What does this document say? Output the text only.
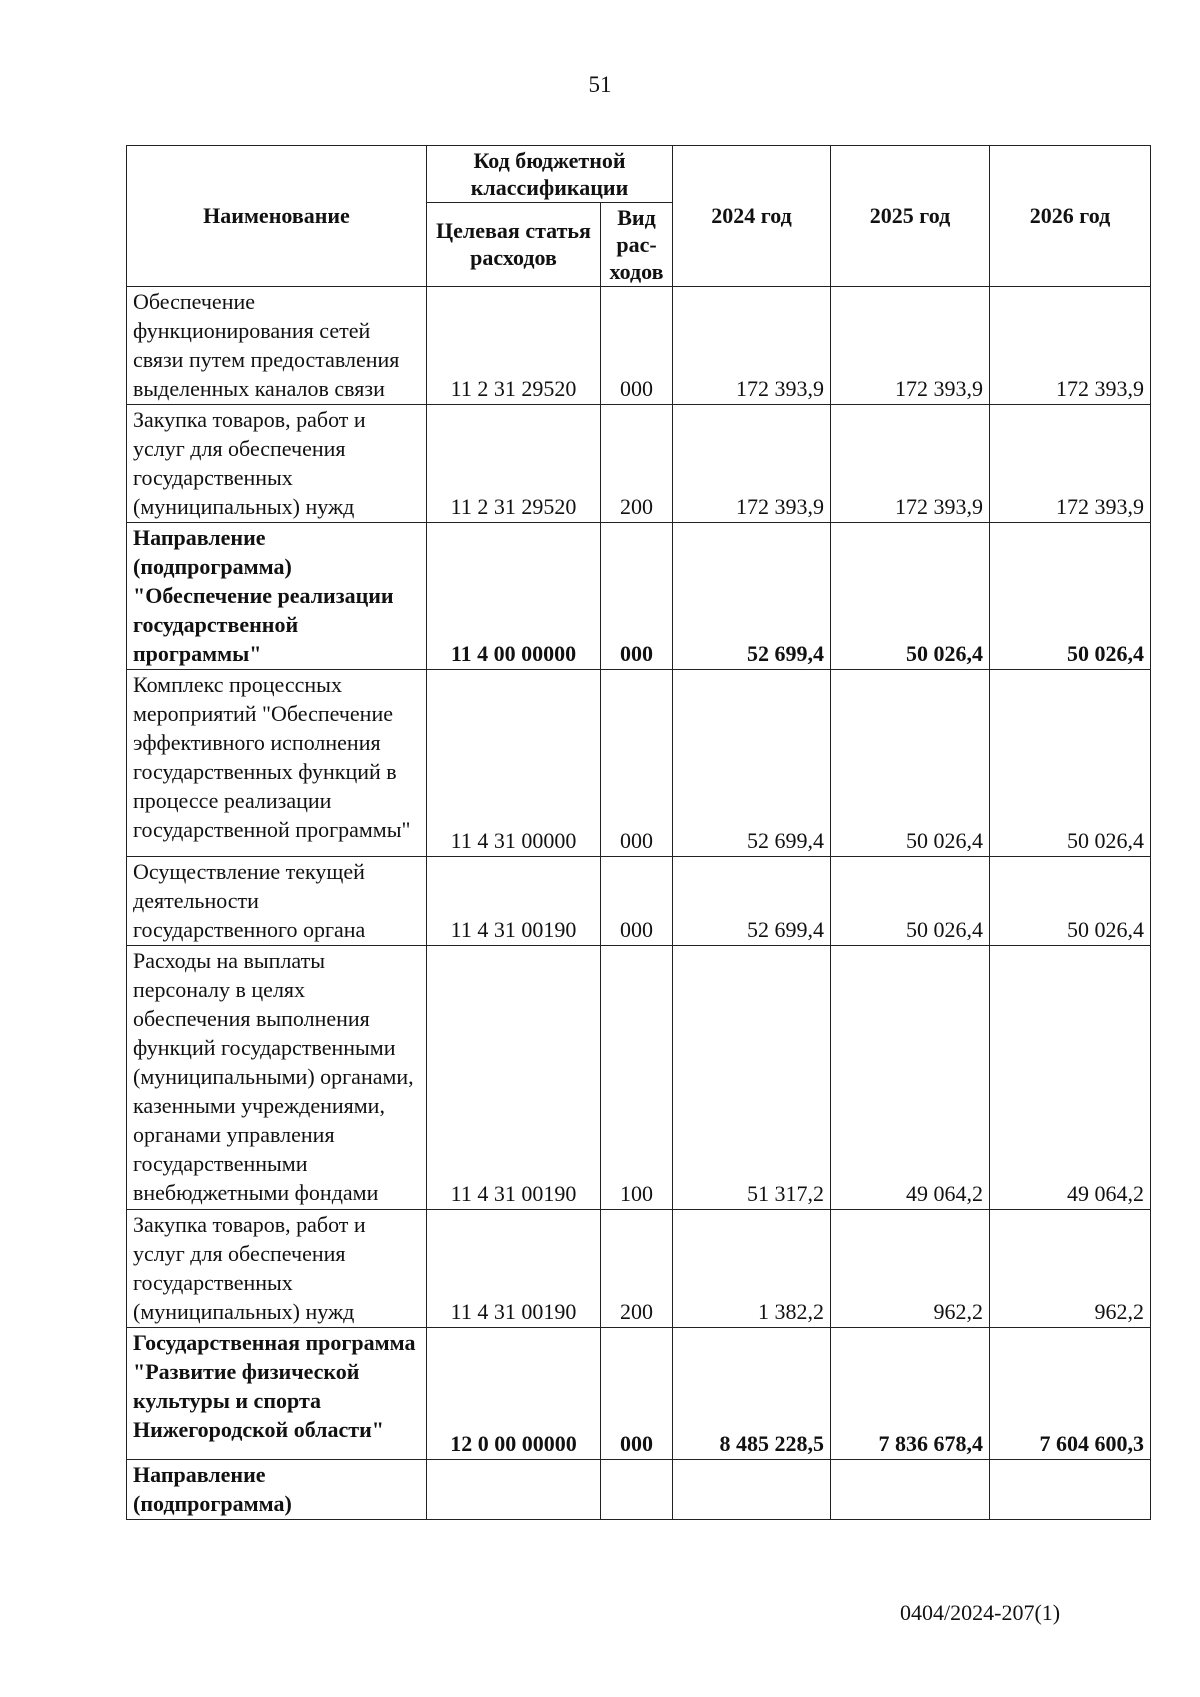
51
Наименование	Код бюджетной классификации		2024 год	2025 год	2026 год
	Целевая статья расходов	Вид рас-ходов			
Обеспечение функционирования сетей связи путем предоставления выделенных каналов связи	11 2 31 29520	000	172 393,9	172 393,9	172 393,9
Закупка товаров, работ и услуг для обеспечения государственных (муниципальных) нужд	11 2 31 29520	200	172 393,9	172 393,9	172 393,9
Направление (подпрограмма) "Обеспечение реализации государственной программы"	11 4 00 00000	000	52 699,4	50 026,4	50 026,4
Комплекс процессных мероприятий "Обеспечение эффективного исполнения государственных функций в процессе реализации государственной программы"	11 4 31 00000	000	52 699,4	50 026,4	50 026,4
Осуществление текущей деятельности государственного органа	11 4 31 00190	000	52 699,4	50 026,4	50 026,4
Расходы на выплаты персоналу в целях обеспечения выполнения функций государственными (муниципальными) органами, казенными учреждениями, органами управления государственными внебюджетными фондами	11 4 31 00190	100	51 317,2	49 064,2	49 064,2
Закупка товаров, работ и услуг для обеспечения государственных (муниципальных) нужд	11 4 31 00190	200	1 382,2	962,2	962,2
Государственная программа "Развитие физической культуры и спорта Нижегородской области"	12 0 00 00000	000	8 485 228,5	7 836 678,4	7 604 600,3
Направление (подпрограмма)					
0404/2024-207(1)
